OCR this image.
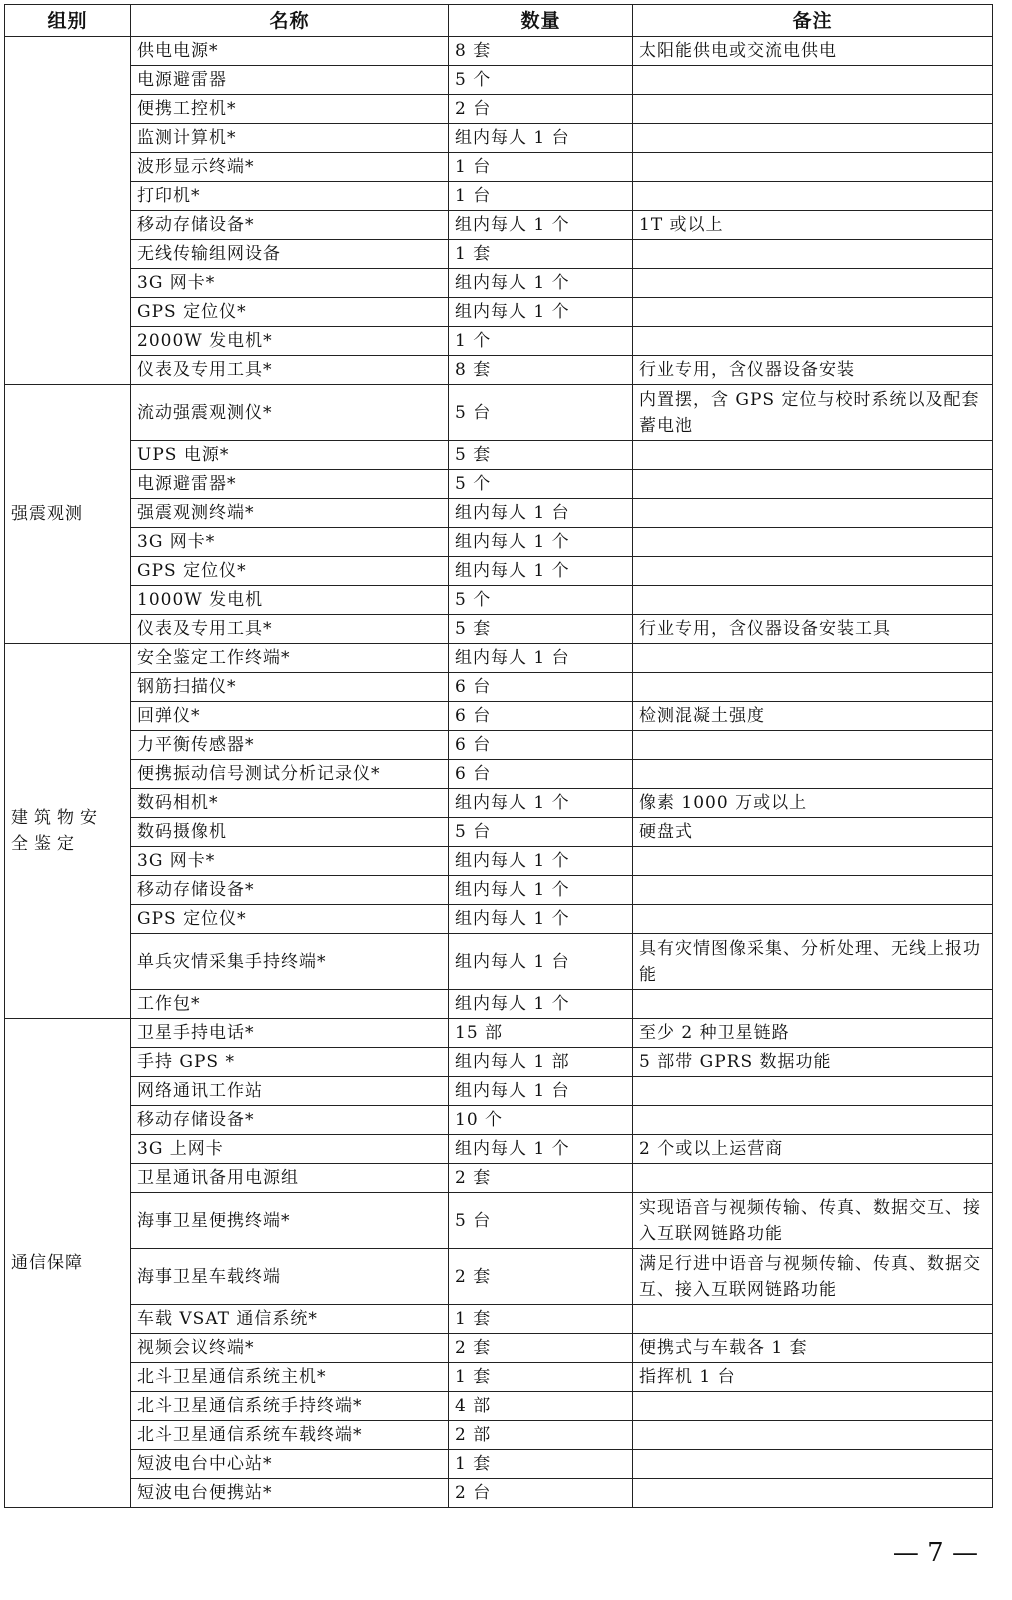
组别	名称	数量	备注
	供电电源*	8 套	太阳能供电或交流电供电
	电源避雷器	5 个	
	便携工控机*	2 台	
	监测计算机*	组内每人 1 台	
	波形显示终端*	1 台	
	打印机*	1 台	
	移动存储设备*	组内每人 1 个	1T 或以上
	无线传输组网设备	1 套	
	3G 网卡*	组内每人 1 个	
	GPS 定位仪*	组内每人 1 个	
	2000W 发电机*	1 个	
	仪表及专用工具*	8 套	行业专用，含仪器设备安装
强震观测	流动强震观测仪*	5 台	内置摆，含 GPS 定位与校时系统以及配套蓄电池
	UPS 电源*	5 套	
	电源避雷器*	5 个	
	强震观测终端*	组内每人 1 台	
	3G 网卡*	组内每人 1 个	
	GPS 定位仪*	组内每人 1 个	
	1000W 发电机	5 个	
	仪表及专用工具*	5 套	行业专用，含仪器设备安装工具
建筑物安全鉴定	安全鉴定工作终端*	组内每人 1 台	
	钢筋扫描仪*	6 台	
	回弹仪*	6 台	检测混凝土强度
	力平衡传感器*	6 台	
	便携振动信号测试分析记录仪*	6 台	
	数码相机*	组内每人 1 个	像素 1000 万或以上
	数码摄像机	5 台	硬盘式
	3G 网卡*	组内每人 1 个	
	移动存储设备*	组内每人 1 个	
	GPS 定位仪*	组内每人 1 个	
	单兵灾情采集手持终端*	组内每人 1 台	具有灾情图像采集、分析处理、无线上报功能
	工作包*	组内每人 1 个	
通信保障	卫星手持电话*	15 部	至少 2 种卫星链路
	手持 GPS *	组内每人 1 部	5 部带 GPRS 数据功能
	网络通讯工作站	组内每人 1 台	
	移动存储设备*	10 个	
	3G 上网卡	组内每人 1 个	2 个或以上运营商
	卫星通讯备用电源组	2 套	
	海事卫星便携终端*	5 台	实现语音与视频传输、传真、数据交互、接入互联网链路功能
	海事卫星车载终端	2 套	满足行进中语音与视频传输、传真、数据交互、接入互联网链路功能
	车载 VSAT 通信系统*	1 套	
	视频会议终端*	2 套	便携式与车载各 1 套
	北斗卫星通信系统主机*	1 套	指挥机 1 台
	北斗卫星通信系统手持终端*	4 部	
	北斗卫星通信系统车载终端*	2 部	
	短波电台中心站*	1 套	
	短波电台便携站*	2 台	
— 7 —
